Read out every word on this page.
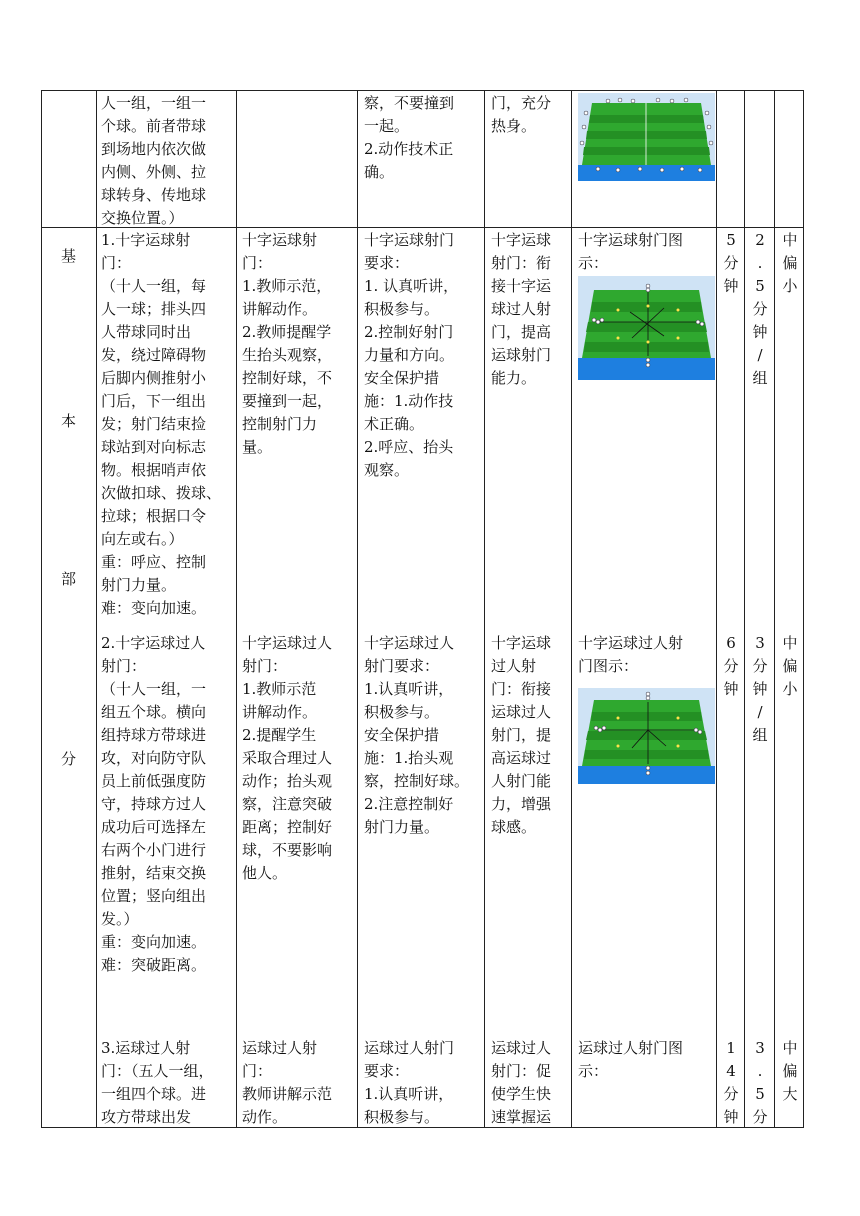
基
本
部
分
人一组，一组一
个球。前者带球
到场地内依次做
内侧、外侧、拉
球转身、传地球
交换位置。）
察，不要撞到
一起。
2.动作技术正
确。
门，充分
热身。
1.十字运球射
门：
（十人一组，每
人一球；排头四
人带球同时出
发，绕过障碍物
后脚内侧推射小
门后，下一组出
发；射门结束捡
球站到对向标志
物。根据哨声依
次做扣球、拨球、
拉球；根据口令
向左或右。）
重：呼应、控制
射门力量。
难：变向加速。
十字运球射
门：
1.教师示范，
讲解动作。
2.教师提醒学
生抬头观察，
控制好球，不
要撞到一起，
控制射门力
量。
十字运球射门
要求：
1. 认真听讲，
积极参与。
2.控制好射门
力量和方向。
安全保护措
施：1.动作技
术正确。
2.呼应、抬头
观察。
十字运球
射门：衔
接十字运
球过人射
门，提高
运球射门
能力。
十字运球射门图
示：
5
分
钟
2
.
5
分
钟
/
组
中
偏
小
2.十字运球过人
射门：
（十人一组，一
组五个球。横向
组持球方带球进
攻，对向防守队
员上前低强度防
守，持球方过人
成功后可选择左
右两个小门进行
推射，结束交换
位置；竖向组出
发。）
重：变向加速。
难：突破距离。
十字运球过人
射门：
1.教师示范
讲解动作。
2.提醒学生
采取合理过人
动作；抬头观
察，注意突破
距离；控制好
球，不要影响
他人。
十字运球过人
射门要求：
1.认真听讲，
积极参与。
安全保护措
施：1.抬头观
察，控制好球。
2.注意控制好
射门力量。
十字运球
过人射
门：衔接
运球过人
射门，提
高运球过
人射门能
力，增强
球感。
十字运球过人射
门图示：
6
分
钟
3
分
钟
/
组
中
偏
小
3.运球过人射
门：（五人一组，
一组四个球。进
攻方带球出发
运球过人射
门：
教师讲解示范
动作。
运球过人射门
要求：
1.认真听讲，
积极参与。
运球过人
射门：促
使学生快
速掌握运
运球过人射门图
示：
1
4
分
钟
3
.
5
分
中
偏
大
